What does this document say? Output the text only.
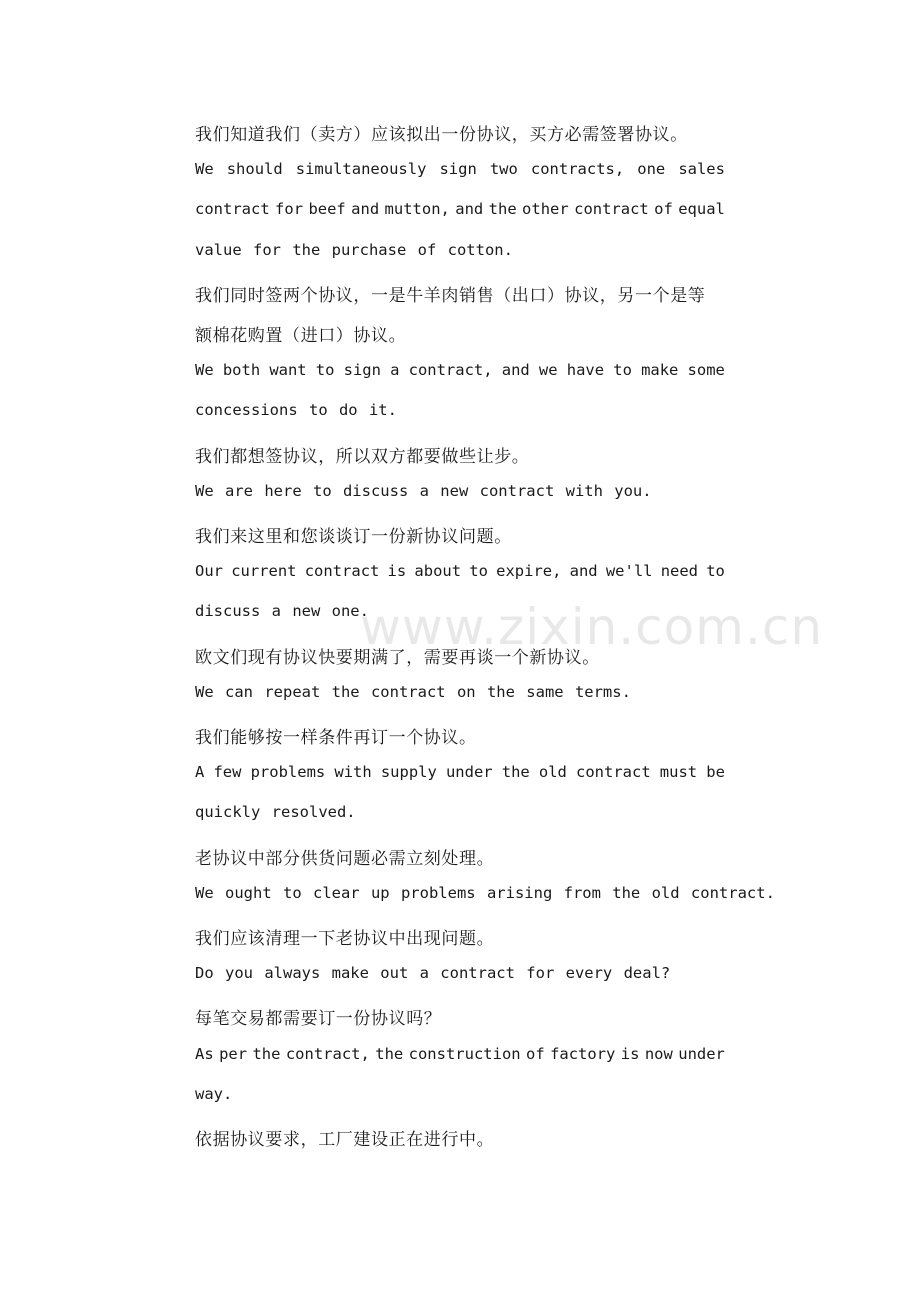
www.zixin.com.cn
我们知道我们（卖方）应该拟出一份协议，买方必需签署协议。
We should simultaneously sign two contracts, one sales
contract for beef and mutton, and the other contract of equal
value for the purchase of cotton.
我们同时签两个协议，一是牛羊肉销售（出口）协议，另一个是等
额棉花购置（进口）协议。
We both want to sign a contract, and we have to make some
concessions to do it.
我们都想签协议，所以双方都要做些让步。
We are here to discuss a new contract with you.
我们来这里和您谈谈订一份新协议问题。
Our current contract is about to expire, and we'll need to
discuss a new one.
欧文们现有协议快要期满了，需要再谈一个新协议。
We can repeat the contract on the same terms.
我们能够按一样条件再订一个协议。
A few problems with supply under the old contract must be
quickly resolved.
老协议中部分供货问题必需立刻处理。
We ought to clear up problems arising from the old contract.
我们应该清理一下老协议中出现问题。
Do you always make out a contract for every deal?
每笔交易都需要订一份协议吗？
As per the contract, the construction of factory is now under
way.
依据协议要求，工厂建设正在进行中。
